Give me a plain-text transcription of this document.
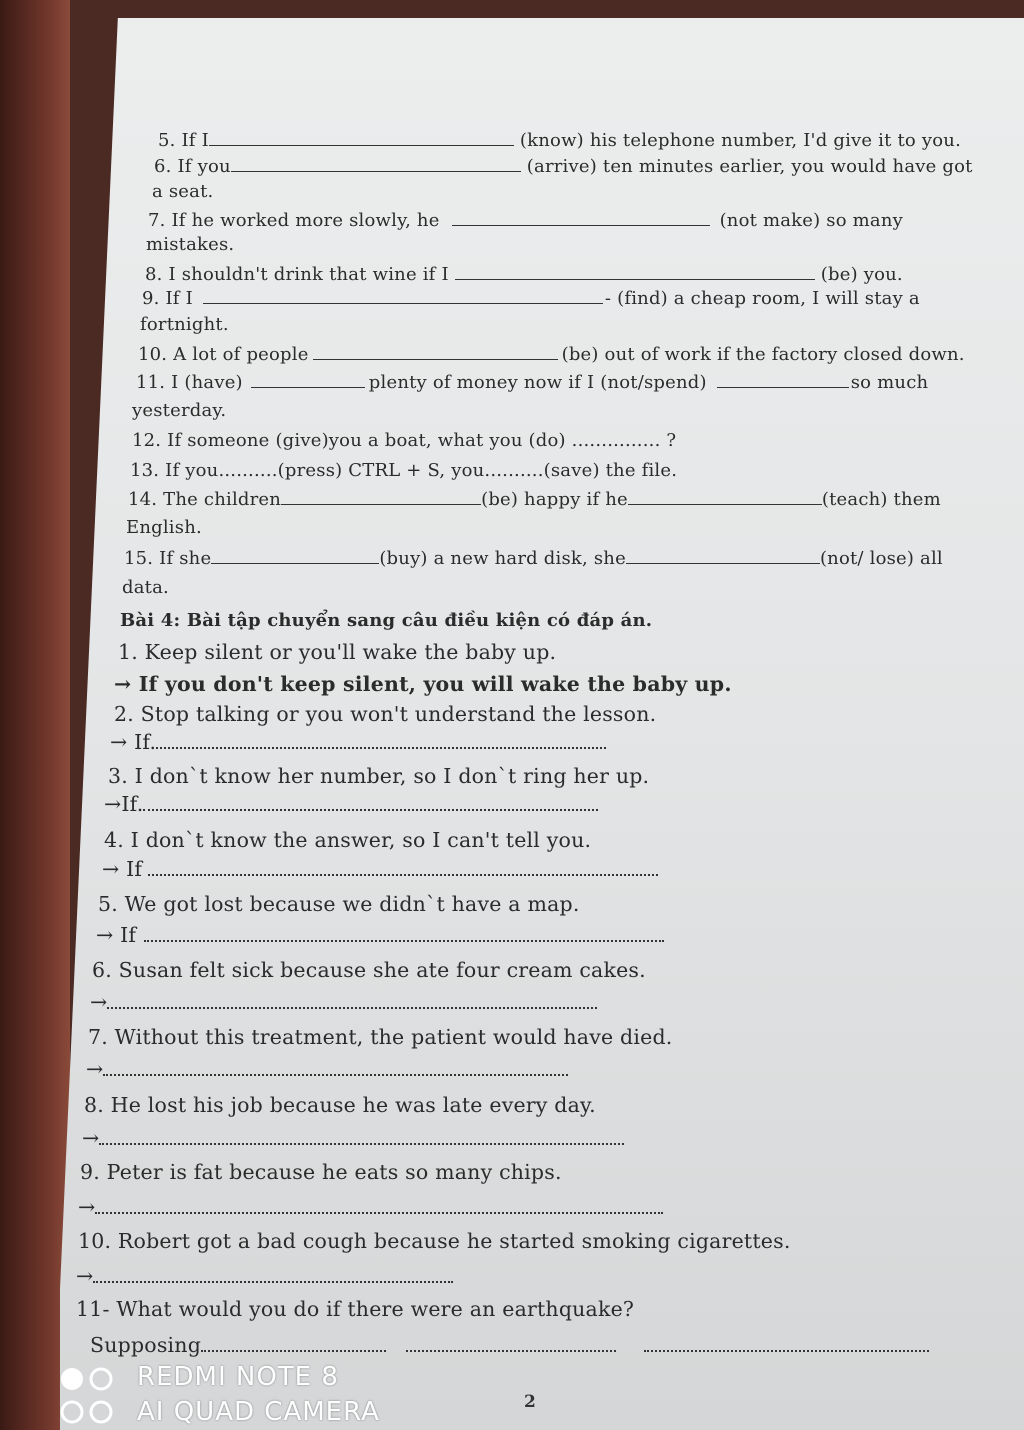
5. If I	(know) his telephone number, I'd give it to you.
6. If you	(arrive) ten minutes earlier, you would have got
a seat.
7. If he worked more slowly, he	(not make) so many
mistakes.
8. I shouldn't drink that wine if I	(be) you.
9. If I	- (find) a cheap room, I will stay a
fortnight.
10. A lot of people	(be) out of work if the factory closed down.
11. I (have)	plenty of money now if I (not/spend)	so much
yesterday.
12. If someone (give)you a boat, what you (do) ............... ?
13. If you..........(press) CTRL + S, you..........(save) the file.
14. The children	(be) happy if he	(teach) them
English.
15. If she	(buy) a new hard disk, she	(not/ lose) all
data.
Bài 4: Bài tập chuyển sang câu điều kiện có đáp án.
1. Keep silent or you'll wake the baby up.
→ If you don't keep silent, you will wake the baby up.
2. Stop talking or you won't understand the lesson.
→ If.
3. I don`t know her number, so I don`t ring her up.
→If.
4. I don`t know the answer, so I can't tell you.
→ If
5. We got lost because we didn`t have a map.
→ If
6. Susan felt sick because she ate four cream cakes.
→
7. Without this treatment, the patient would have died.
→
8. He lost his job because he was late every day.
→
9. Peter is fat because he eats so many chips.
→
10. Robert got a bad cough because he started smoking cigarettes.
→
11- What would you do if there were an earthquake?
Supposing
2
REDMI NOTE 8
AI QUAD CAMERA
